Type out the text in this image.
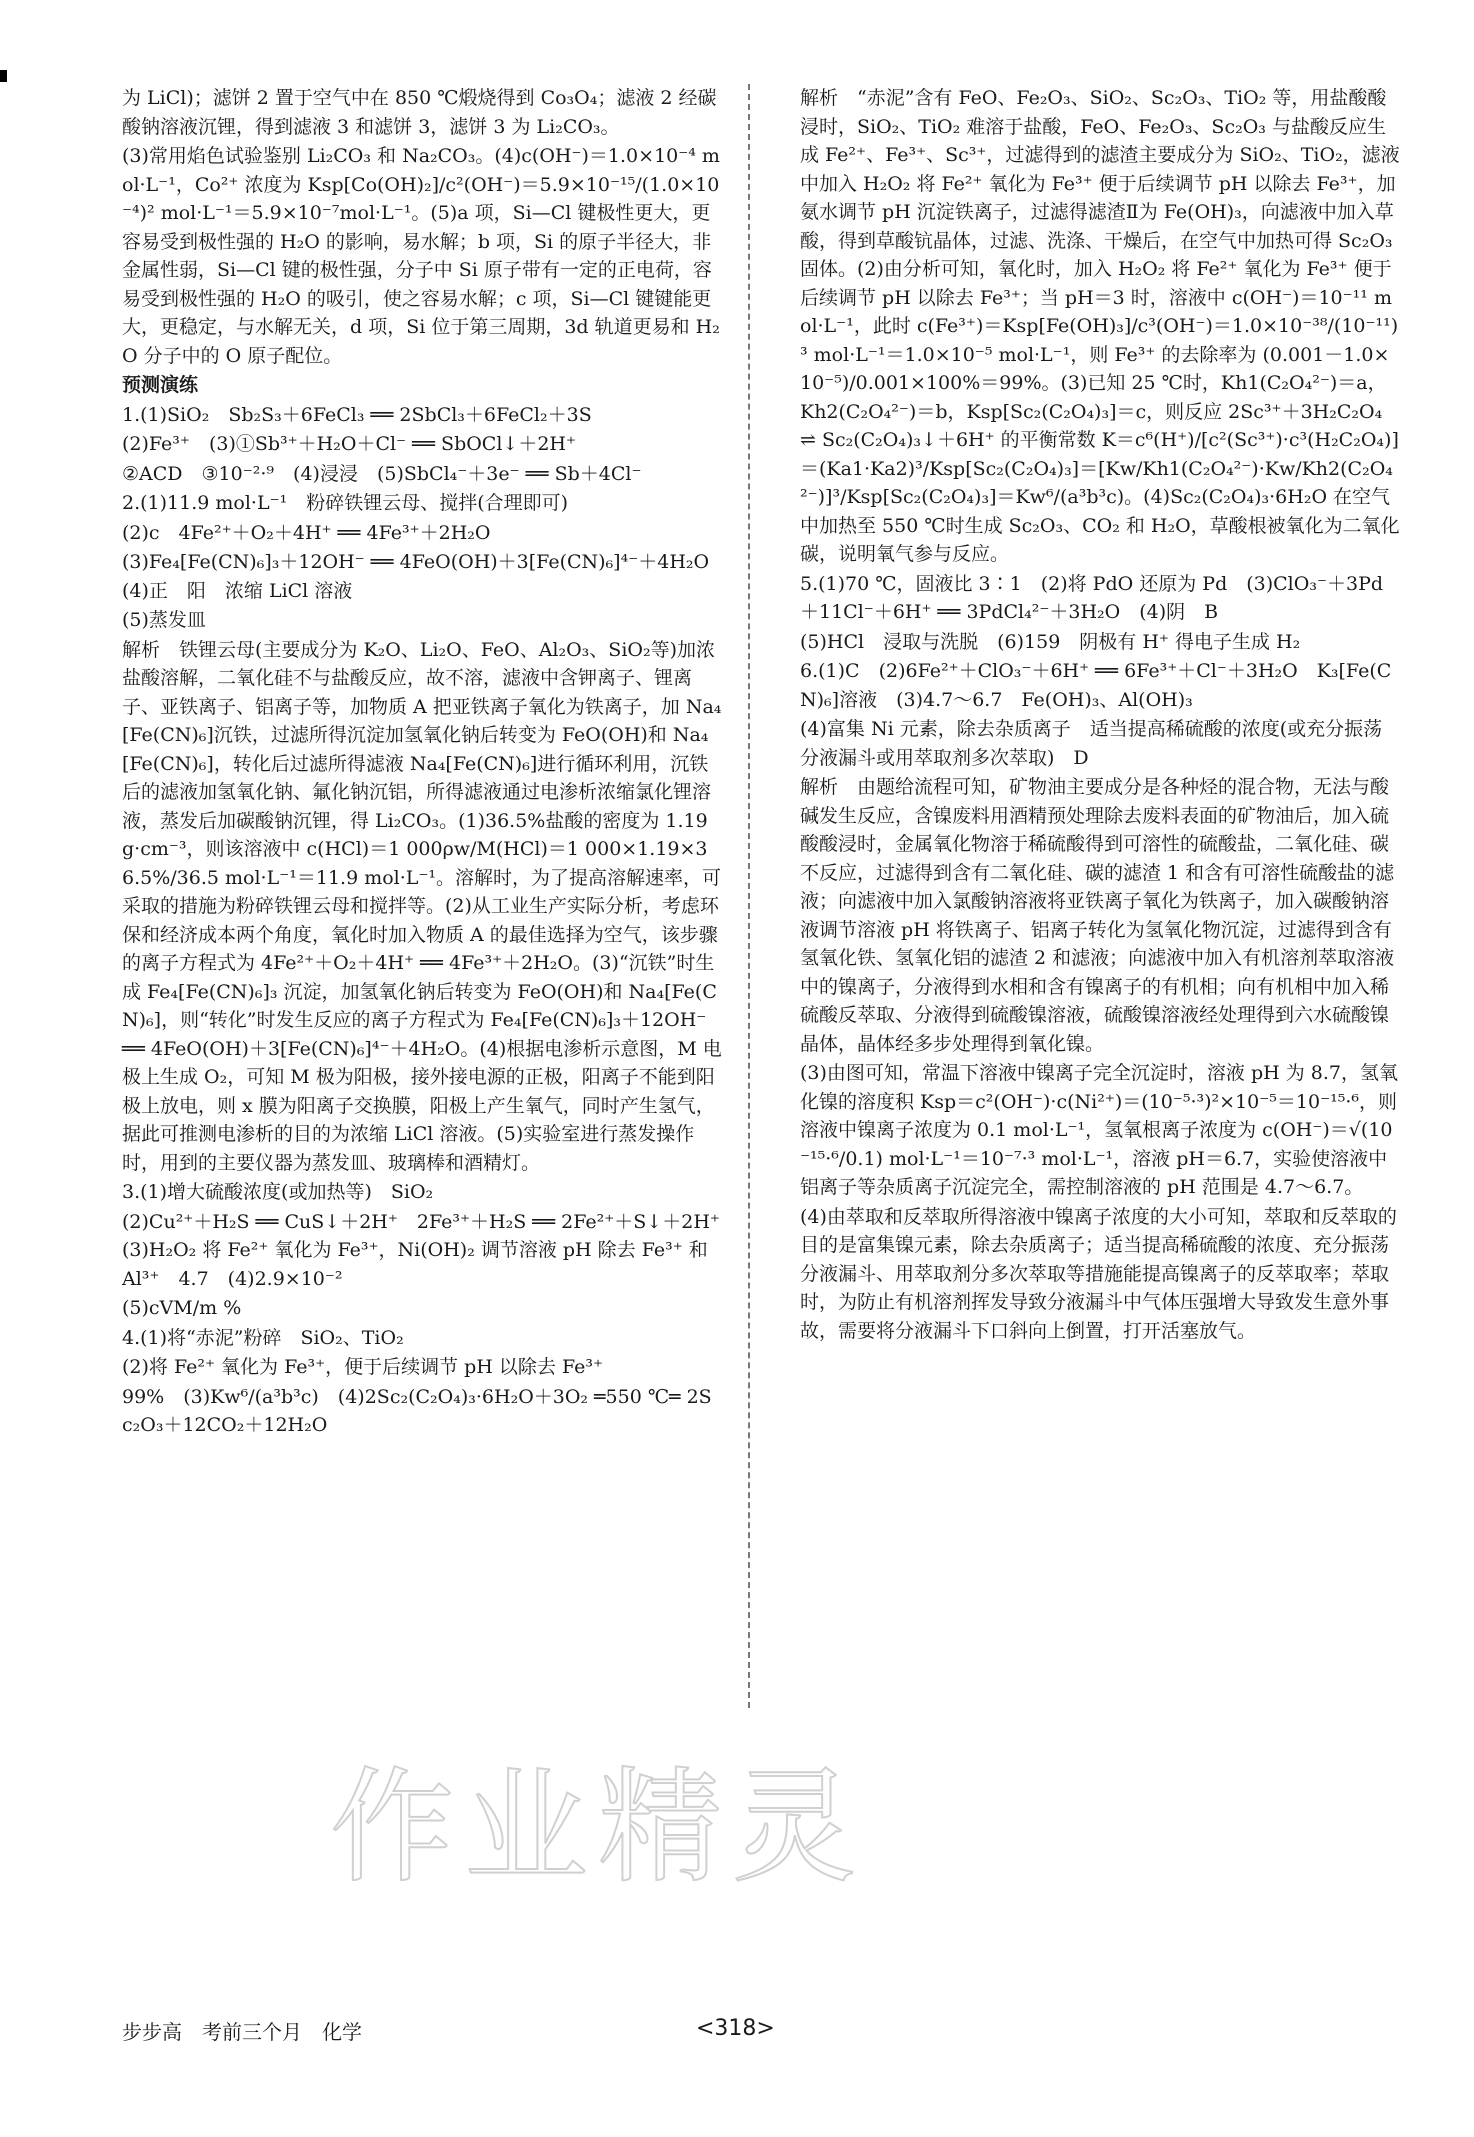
为 LiCl)；滤饼 2 置于空气中在 850 ℃煅烧得到 Co₃O₄；滤液 2 经碳酸钠溶液沉锂，得到滤液 3 和滤饼 3，滤饼 3 为 Li₂CO₃。

(3)常用焰色试验鉴别 Li₂CO₃ 和 Na₂CO₃。(4)c(OH⁻)＝1.0×10⁻⁴ mol·L⁻¹，Co²⁺ 浓度为 Ksp[Co(OH)₂]/c²(OH⁻)＝5.9×10⁻¹⁵/(1.0×10⁻⁴)² mol·L⁻¹＝5.9×10⁻⁷mol·L⁻¹。(5)a 项，Si—Cl 键极性更大，更容易受到极性强的 H₂O 的影响，易水解；b 项，Si 的原子半径大，非金属性弱，Si—Cl 键的极性强，分子中 Si 原子带有一定的正电荷，容易受到极性强的 H₂O 的吸引，使之容易水解；c 项，Si—Cl 键键能更大，更稳定，与水解无关，d 项，Si 位于第三周期，3d 轨道更易和 H₂O 分子中的 O 原子配位。

预测演练

1.(1)SiO₂　Sb₂S₃＋6FeCl₃ ══ 2SbCl₃＋6FeCl₂＋3S

(2)Fe³⁺　(3)①Sb³⁺＋H₂O＋Cl⁻ ══ SbOCl↓＋2H⁺

②ACD　③10⁻²·⁹　(4)浸浸　(5)SbCl₄⁻＋3e⁻ ══ Sb＋4Cl⁻

2.(1)11.9 mol·L⁻¹　粉碎铁锂云母、搅拌(合理即可)

(2)c　4Fe²⁺＋O₂＋4H⁺ ══ 4Fe³⁺＋2H₂O

(3)Fe₄[Fe(CN)₆]₃＋12OH⁻ ══ 4FeO(OH)＋3[Fe(CN)₆]⁴⁻＋4H₂O　(4)正　阳　浓缩 LiCl 溶液

(5)蒸发皿

解析　铁锂云母(主要成分为 K₂O、Li₂O、FeO、Al₂O₃、SiO₂等)加浓盐酸溶解，二氧化硅不与盐酸反应，故不溶，滤液中含钾离子、锂离子、亚铁离子、铝离子等，加物质 A 把亚铁离子氧化为铁离子，加 Na₄[Fe(CN)₆]沉铁，过滤所得沉淀加氢氧化钠后转变为 FeO(OH)和 Na₄[Fe(CN)₆]，转化后过滤所得滤液 Na₄[Fe(CN)₆]进行循环利用，沉铁后的滤液加氢氧化钠、氟化钠沉铝，所得滤液通过电渗析浓缩氯化锂溶液，蒸发后加碳酸钠沉锂，得 Li₂CO₃。(1)36.5%盐酸的密度为 1.19 g·cm⁻³，则该溶液中 c(HCl)＝1 000ρw/M(HCl)＝1 000×1.19×36.5%/36.5 mol·L⁻¹＝11.9 mol·L⁻¹。溶解时，为了提高溶解速率，可采取的措施为粉碎铁锂云母和搅拌等。(2)从工业生产实际分析，考虑环保和经济成本两个角度，氧化时加入物质 A 的最佳选择为空气，该步骤的离子方程式为 4Fe²⁺＋O₂＋4H⁺ ══ 4Fe³⁺＋2H₂O。(3)“沉铁”时生成 Fe₄[Fe(CN)₆]₃ 沉淀，加氢氧化钠后转变为 FeO(OH)和 Na₄[Fe(CN)₆]，则“转化”时发生反应的离子方程式为 Fe₄[Fe(CN)₆]₃＋12OH⁻ ══ 4FeO(OH)＋3[Fe(CN)₆]⁴⁻＋4H₂O。(4)根据电渗析示意图，M 电极上生成 O₂，可知 M 极为阳极，接外接电源的正极，阳离子不能到阳极上放电，则 x 膜为阳离子交换膜，阳极上产生氧气，同时产生氢气，据此可推测电渗析的目的为浓缩 LiCl 溶液。(5)实验室进行蒸发操作时，用到的主要仪器为蒸发皿、玻璃棒和酒精灯。

3.(1)增大硫酸浓度(或加热等)　SiO₂

(2)Cu²⁺＋H₂S ══ CuS↓＋2H⁺　2Fe³⁺＋H₂S ══ 2Fe²⁺＋S↓＋2H⁺　(3)H₂O₂ 将 Fe²⁺ 氧化为 Fe³⁺，Ni(OH)₂ 调节溶液 pH 除去 Fe³⁺ 和 Al³⁺　4.7　(4)2.9×10⁻²

(5)cVM/m %

4.(1)将“赤泥”粉碎　SiO₂、TiO₂

(2)将 Fe²⁺ 氧化为 Fe³⁺，便于后续调节 pH 以除去 Fe³⁺

99%　(3)Kw⁶/(a³b³c)　(4)2Sc₂(C₂O₄)₃·6H₂O＋3O₂ ═550 ℃═ 2Sc₂O₃＋12CO₂＋12H₂O

解析　“赤泥”含有 FeO、Fe₂O₃、SiO₂、Sc₂O₃、TiO₂ 等，用盐酸酸浸时，SiO₂、TiO₂ 难溶于盐酸，FeO、Fe₂O₃、Sc₂O₃ 与盐酸反应生成 Fe²⁺、Fe³⁺、Sc³⁺，过滤得到的滤渣主要成分为 SiO₂、TiO₂，滤液中加入 H₂O₂ 将 Fe²⁺ 氧化为 Fe³⁺ 便于后续调节 pH 以除去 Fe³⁺，加氨水调节 pH 沉淀铁离子，过滤得滤渣Ⅱ为 Fe(OH)₃，向滤液中加入草酸，得到草酸钪晶体，过滤、洗涤、干燥后，在空气中加热可得 Sc₂O₃ 固体。(2)由分析可知，氧化时，加入 H₂O₂ 将 Fe²⁺ 氧化为 Fe³⁺ 便于后续调节 pH 以除去 Fe³⁺；当 pH＝3 时，溶液中 c(OH⁻)＝10⁻¹¹ mol·L⁻¹，此时 c(Fe³⁺)＝Ksp[Fe(OH)₃]/c³(OH⁻)＝1.0×10⁻³⁸/(10⁻¹¹)³ mol·L⁻¹＝1.0×10⁻⁵ mol·L⁻¹，则 Fe³⁺ 的去除率为 (0.001－1.0×10⁻⁵)/0.001×100%＝99%。(3)已知 25 ℃时，Kh1(C₂O₄²⁻)＝a，Kh2(C₂O₄²⁻)＝b，Ksp[Sc₂(C₂O₄)₃]＝c，则反应 2Sc³⁺＋3H₂C₂O₄ ⇌ Sc₂(C₂O₄)₃↓＋6H⁺ 的平衡常数 K＝c⁶(H⁺)/[c²(Sc³⁺)·c³(H₂C₂O₄)]＝(Ka1·Ka2)³/Ksp[Sc₂(C₂O₄)₃]＝[Kw/Kh1(C₂O₄²⁻)·Kw/Kh2(C₂O₄²⁻)]³/Ksp[Sc₂(C₂O₄)₃]＝Kw⁶/(a³b³c)。(4)Sc₂(C₂O₄)₃·6H₂O 在空气中加热至 550 ℃时生成 Sc₂O₃、CO₂ 和 H₂O，草酸根被氧化为二氧化碳，说明氧气参与反应。

5.(1)70 ℃，固液比 3∶1　(2)将 PdO 还原为 Pd　(3)ClO₃⁻＋3Pd＋11Cl⁻＋6H⁺ ══ 3PdCl₄²⁻＋3H₂O　(4)阴　B

(5)HCl　浸取与洗脱　(6)159　阴极有 H⁺ 得电子生成 H₂

6.(1)C　(2)6Fe²⁺＋ClO₃⁻＋6H⁺ ══ 6Fe³⁺＋Cl⁻＋3H₂O　K₃[Fe(CN)₆]溶液　(3)4.7～6.7　Fe(OH)₃、Al(OH)₃

(4)富集 Ni 元素，除去杂质离子　适当提高稀硫酸的浓度(或充分振荡分液漏斗或用萃取剂多次萃取)　D

解析　由题给流程可知，矿物油主要成分是各种烃的混合物，无法与酸碱发生反应，含镍废料用酒精预处理除去废料表面的矿物油后，加入硫酸酸浸时，金属氧化物溶于稀硫酸得到可溶性的硫酸盐，二氧化硅、碳不反应，过滤得到含有二氧化硅、碳的滤渣 1 和含有可溶性硫酸盐的滤液；向滤液中加入氯酸钠溶液将亚铁离子氧化为铁离子，加入碳酸钠溶液调节溶液 pH 将铁离子、铝离子转化为氢氧化物沉淀，过滤得到含有氢氧化铁、氢氧化铝的滤渣 2 和滤液；向滤液中加入有机溶剂萃取溶液中的镍离子，分液得到水相和含有镍离子的有机相；向有机相中加入稀硫酸反萃取、分液得到硫酸镍溶液，硫酸镍溶液经处理得到六水硫酸镍晶体，晶体经多步处理得到氧化镍。

(3)由图可知，常温下溶液中镍离子完全沉淀时，溶液 pH 为 8.7，氢氧化镍的溶度积 Ksp＝c²(OH⁻)·c(Ni²⁺)＝(10⁻⁵·³)²×10⁻⁵＝10⁻¹⁵·⁶，则溶液中镍离子浓度为 0.1 mol·L⁻¹，氢氧根离子浓度为 c(OH⁻)＝√(10⁻¹⁵·⁶/0.1) mol·L⁻¹＝10⁻⁷·³ mol·L⁻¹，溶液 pH＝6.7，实验使溶液中铝离子等杂质离子沉淀完全，需控制溶液的 pH 范围是 4.7～6.7。

(4)由萃取和反萃取所得溶液中镍离子浓度的大小可知，萃取和反萃取的目的是富集镍元素，除去杂质离子；适当提高稀硫酸的浓度、充分振荡分液漏斗、用萃取剂分多次萃取等措施能提高镍离子的反萃取率；萃取时，为防止有机溶剂挥发导致分液漏斗中气体压强增大导致发生意外事故，需要将分液漏斗下口斜向上倒置，打开活塞放气。

作业精灵
步步高　考前三个月　化学	<318>
